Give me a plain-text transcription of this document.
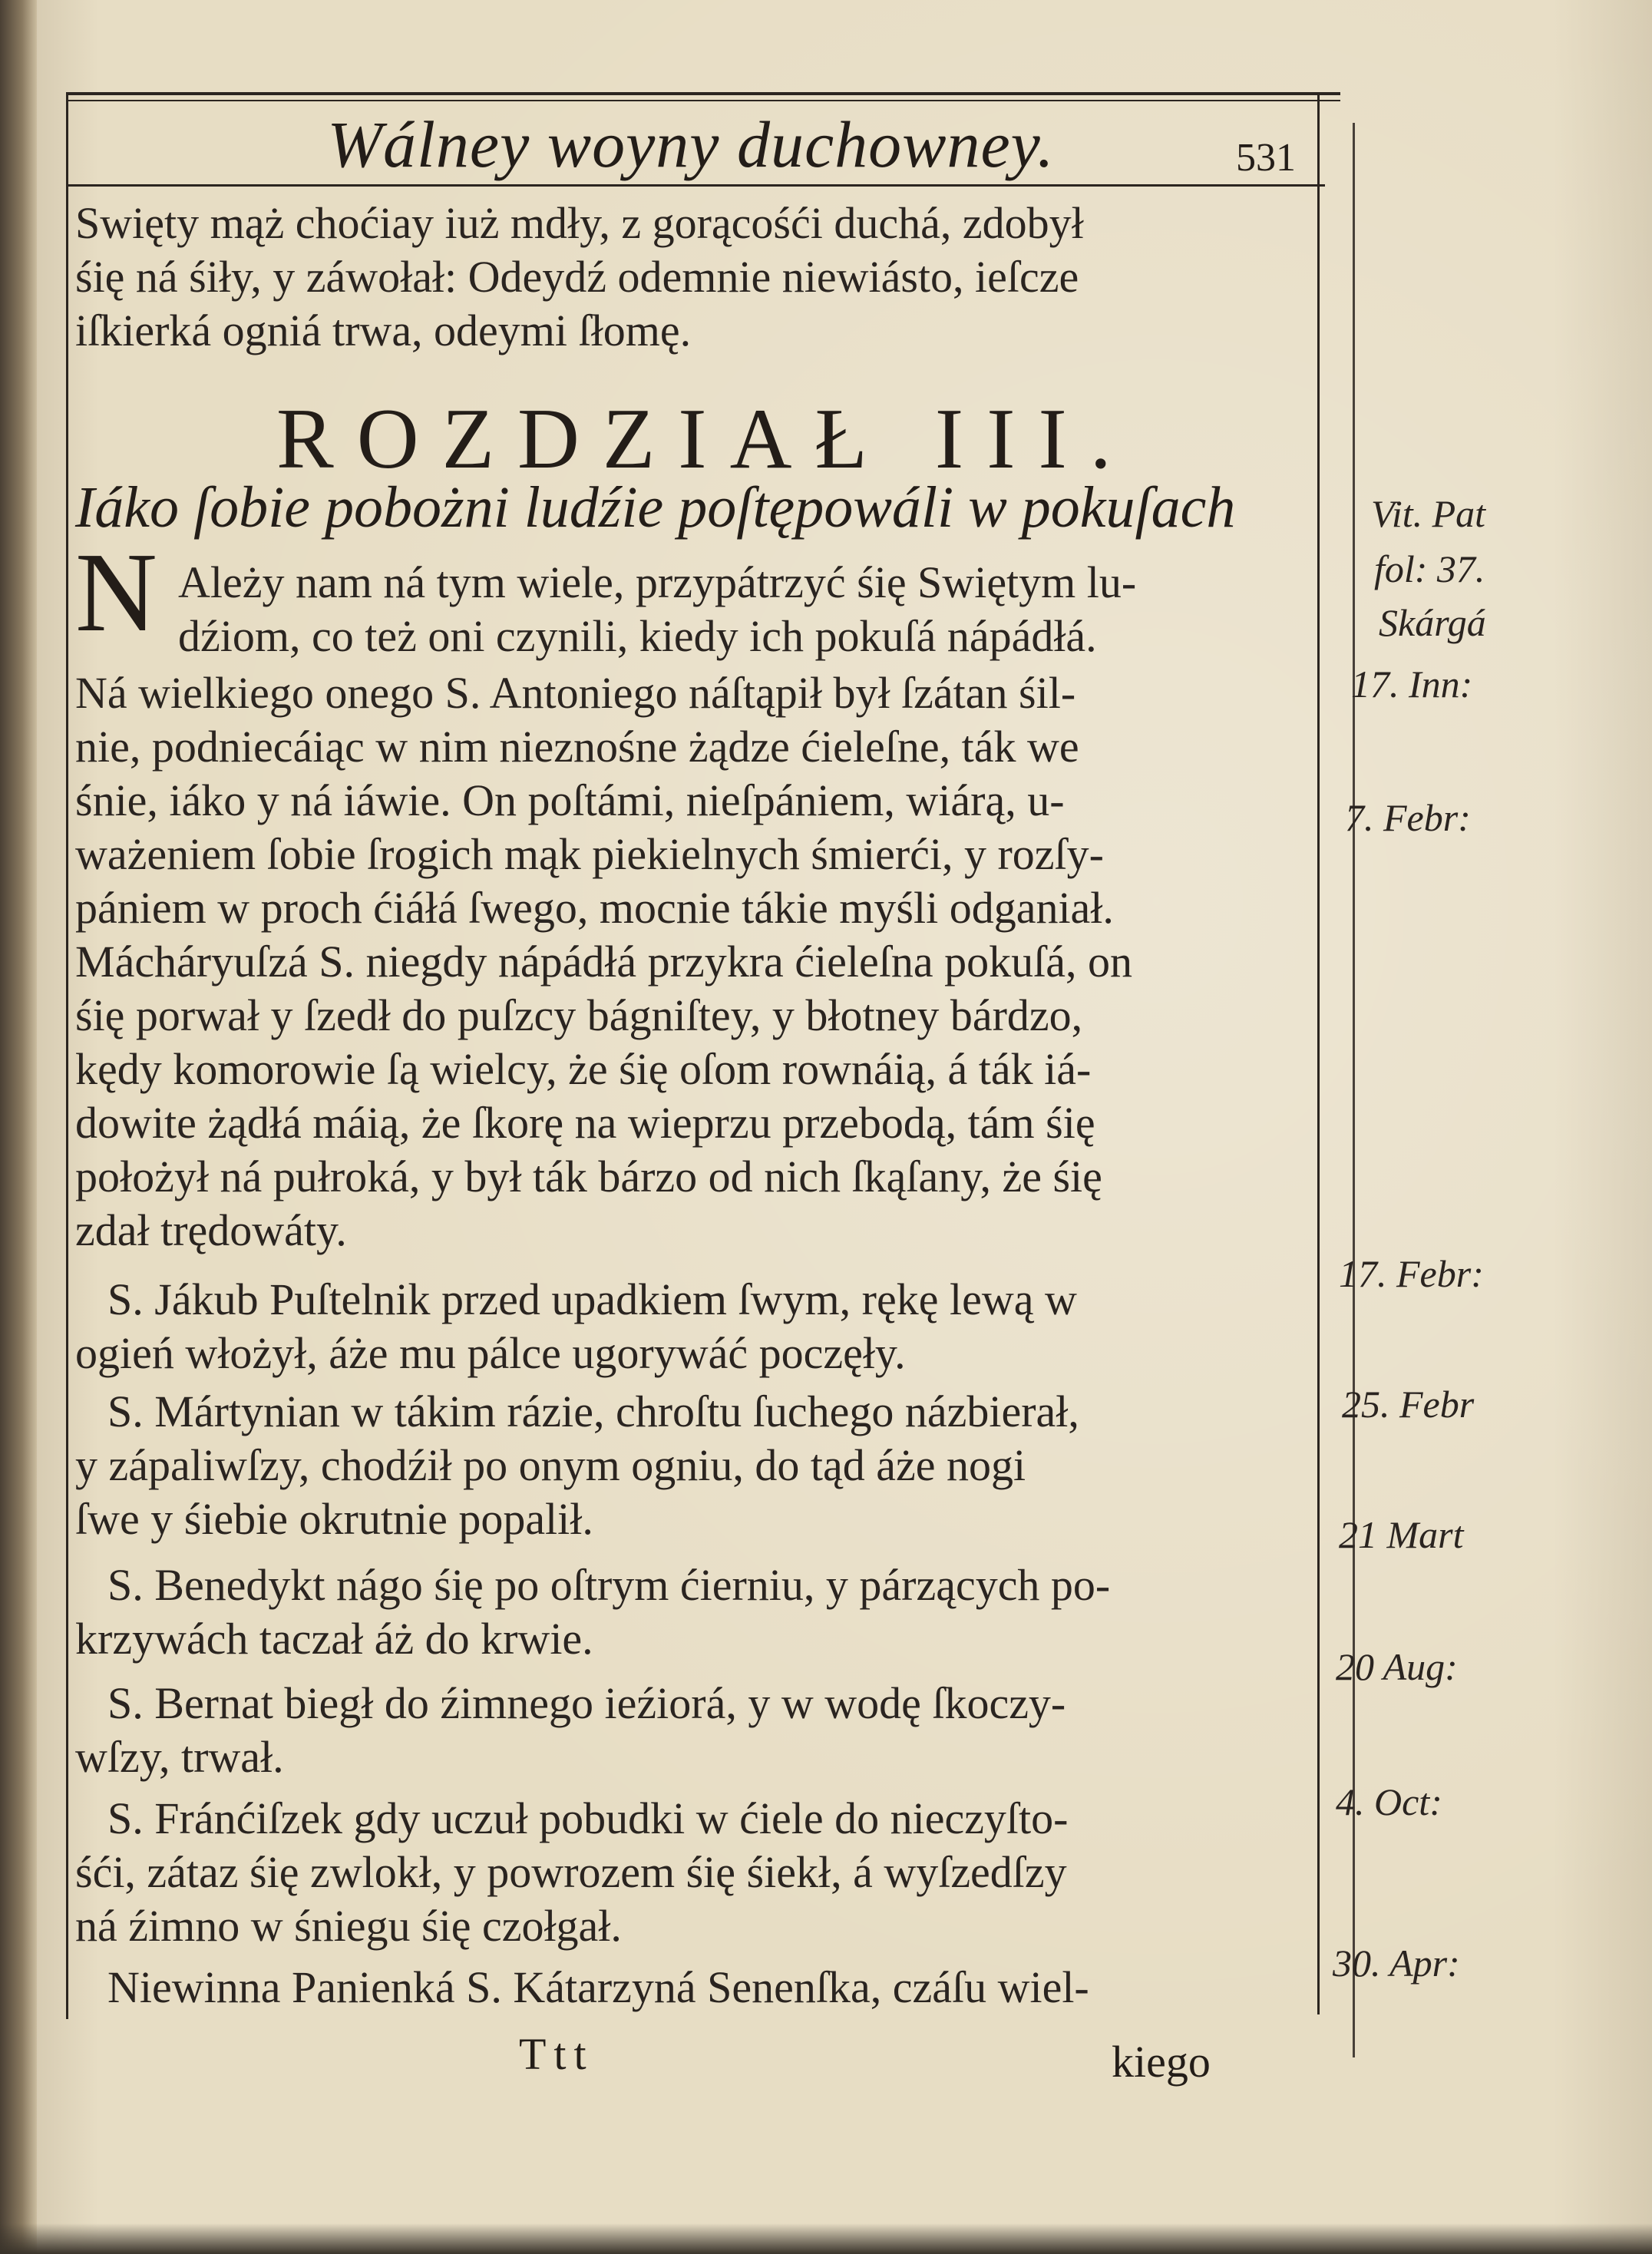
Wálney woyny duchowney.	531
Swięty mąż choćiay iuż mdły, z gorącośći duchá, zdobył
śię ná śiły, y záwołał: Odeydź odemnie niewiásto, ieſcze
iſkierká ogniá trwa, odeymi ſłomę.
ROZDZIAŁ III.
Iáko ſobie pobożni ludźie poſtępowáli w pokuſach
N Ależy nam ná tym wiele, przypátrzyć śię Swiętym lu-
dźiom, co też oni czynili, kiedy ich pokuſá nápádłá.
Ná wielkiego onego S. Antoniego náſtąpił był ſzátan śil-
nie, podniecáiąc w nim nieznośne żądze ćieleſne, ták we
śnie, iáko y ná iáwie. On poſtámi, nieſpániem, wiárą, u-
ważeniem ſobie ſrogich mąk piekielnych śmierći, y rozſy-
pániem w proch ćiáłá ſwego, mocnie tákie myśli odganiał.
Mácháryuſzá S. niegdy nápádłá przykra ćieleſna pokuſá, on
śię porwał y ſzedł do puſzcy bágniſtey, y błotney bárdzo,
kędy komorowie ſą wielcy, że śię oſom rownáią, á ták iá-
dowite żądłá máią, że ſkorę na wieprzu przebodą, tám śię
położył ná pułroká, y był ták bárzo od nich ſkąſany, że śię
zdał trędowáty.
S. Jákub Puſtelnik przed upadkiem ſwym, rękę lewą w
ogień włożył, áże mu pálce ugorywáć poczęły.
S. Mártynian w tákim rázie, chroſtu ſuchego názbierał,
y zápaliwſzy, chodźił po onym ogniu, do tąd áże nogi
ſwe y śiebie okrutnie popalił.
S. Benedykt nágo śię po oſtrym ćierniu, y párzących po-
krzywách taczał áż do krwie.
S. Bernat biegł do źimnego ieźiorá, y w wodę ſkoczy-
wſzy, trwał.
S. Fránćiſzek gdy uczuł pobudki w ćiele do nieczyſto-
śći, zátaz śię zwlokł, y powrozem śię śiekł, á wyſzedſzy
ná źimno w śniegu śię czołgał.
Niewinna Panienká S. Kátarzyná Senenſka, czáſu wiel-
Vit. Pat
fol: 37.
Skárgá
17. Inn:
7. Febr:
17. Febr:
25. Febr
21 Mart
20 Aug:
4. Oct:
30. Apr:
Ttt	kiego
